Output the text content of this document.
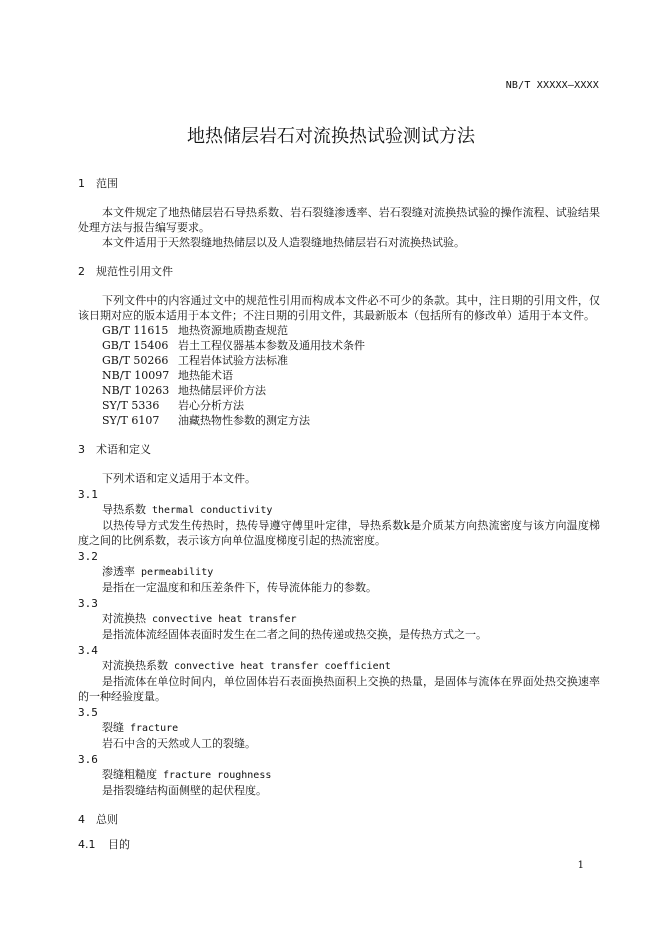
NB/T XXXXX—XXXX
地热储层岩石对流换热试验测试方法
1 范围
本文件规定了地热储层岩石导热系数、岩石裂缝渗透率、岩石裂缝对流换热试验的操作流程、试验结果处理方法与报告编写要求。
本文件适用于天然裂缝地热储层以及人造裂缝地热储层岩石对流换热试验。
2 规范性引用文件
下列文件中的内容通过文中的规范性引用而构成本文件必不可少的条款。其中，注日期的引用文件，仅该日期对应的版本适用于本文件；不注日期的引用文件，其最新版本（包括所有的修改单）适用于本文件。
GB/T 11615 地热资源地质勘查规范
GB/T 15406 岩土工程仪器基本参数及通用技术条件
GB/T 50266 工程岩体试验方法标准
NB/T 10097 地热能术语
NB/T 10263 地热储层评价方法
SY/T 5336	岩心分析方法
SY/T 6107	油藏热物性参数的测定方法
3 术语和定义
下列术语和定义适用于本文件。
3.1
导热系数 thermal conductivity
以热传导方式发生传热时，热传导遵守傅里叶定律，导热系数k是介质某方向热流密度与该方向温度梯度之间的比例系数，表示该方向单位温度梯度引起的热流密度。
3.2
渗透率 permeability
是指在一定温度和和压差条件下，传导流体能力的参数。
3.3
对流换热 convective heat transfer
是指流体流经固体表面时发生在二者之间的热传递或热交换，是传热方式之一。
3.4
对流换热系数 convective heat transfer coefficient
是指流体在单位时间内，单位固体岩石表面换热面积上交换的热量，是固体与流体在界面处热交换速率的一种经验度量。
3.5
裂缝 fracture
岩石中含的天然或人工的裂缝。
3.6
裂缝粗糙度 fracture roughness
是指裂缝结构面侧壁的起伏程度。
4 总则
4.1 目的
1
